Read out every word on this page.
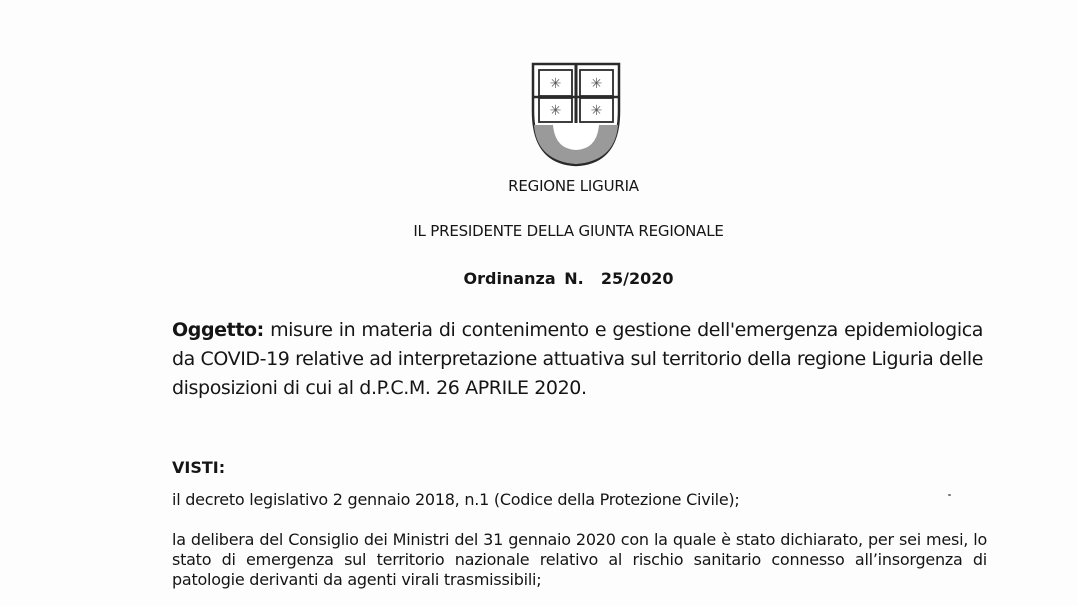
✳ ✳
✳ ✳
REGIONE LIGURIA
IL PRESIDENTE DELLA GIUNTA REGIONALE
Ordinanza N.  25/2020
Oggetto: misure in materia di contenimento e gestione dell'emergenza epidemiologica da COVID-19 relative ad interpretazione attuativa sul territorio della regione Liguria delle disposizioni di cui al d.P.C.M. 26 APRILE 2020.
VISTI:
il decreto legislativo 2 gennaio 2018, n.1 (Codice della Protezione Civile);
la delibera del Consiglio dei Ministri del 31 gennaio 2020 con la quale è stato dichiarato, per sei mesi, lo stato di emergenza sul territorio nazionale relativo al rischio sanitario connesso all’insorgenza di patologie derivanti da agenti virali trasmissibili;
